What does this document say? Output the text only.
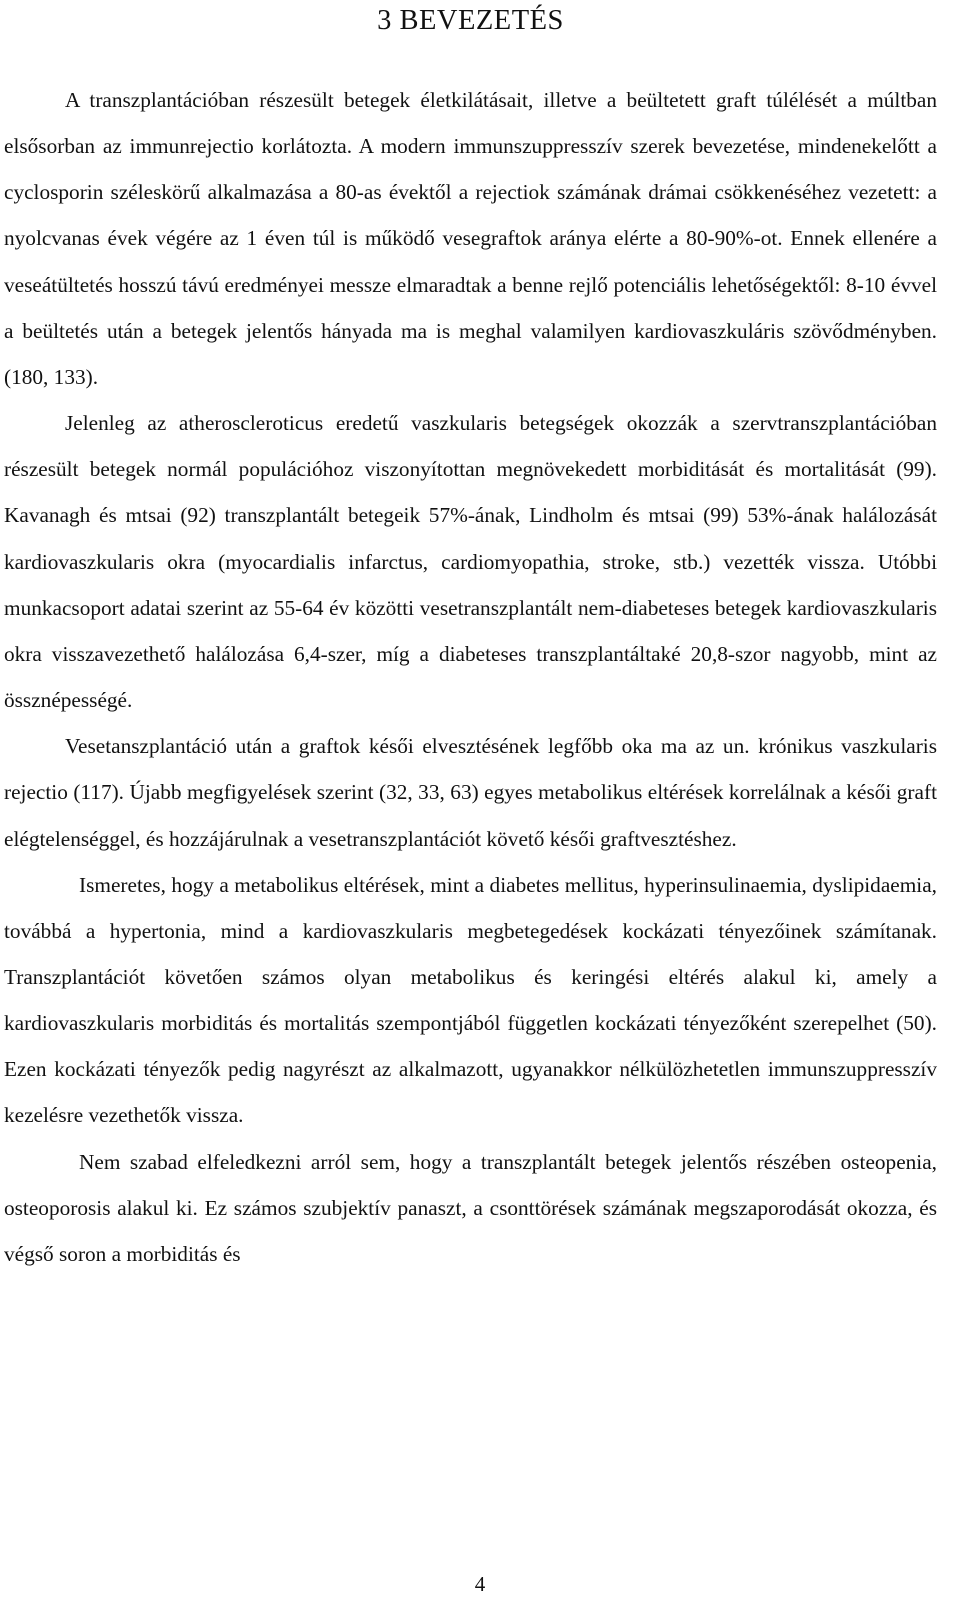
3 BEVEZETÉS

A transzplantációban részesült betegek életkilátásait, illetve a beültetett graft túlélését a múltban elsősorban az immunrejectio korlátozta. A modern immunszuppresszív szerek bevezetése, mindenekelőtt a cyclosporin széleskörű alkalmazása a 80-as évektől a rejectiok számának drámai csökkenéséhez vezetett: a nyolcvanas évek végére az 1 éven túl is működő vesegraftok aránya elérte a 80-90%-ot. Ennek ellenére a veseátültetés hosszú távú eredményei messze elmaradtak a benne rejlő potenciális lehetőségektől: 8-10 évvel a beültetés után a betegek jelentős hányada ma is meghal valamilyen kardiovaszkuláris szövődményben. (180, 133).

Jelenleg az atheroscleroticus eredetű vaszkularis betegségek okozzák a szervtranszplantációban részesült betegek normál populációhoz viszonyítottan megnövekedett morbiditását és mortalitását (99). Kavanagh és mtsai (92) transzplantált betegeik 57%-ának, Lindholm és mtsai (99) 53%-ának halálozását kardiovaszkularis okra (myocardialis infarctus, cardiomyopathia, stroke, stb.) vezették vissza. Utóbbi munkacsoport adatai szerint az 55-64 év közötti vesetranszplantált nem-diabeteses betegek kardiovaszkularis okra visszavezethető halálozása 6,4-szer, míg a diabeteses transzplantáltaké 20,8-szor nagyobb, mint az össznépességé.

Vesetanszplantáció után a graftok késői elvesztésének legfőbb oka ma az un. krónikus vaszkularis rejectio (117). Újabb megfigyelések szerint (32, 33, 63) egyes metabolikus eltérések korrelálnak a késői graft elégtelenséggel, és hozzájárulnak a vesetranszplantációt követő késői graftvesztéshez.

Ismeretes, hogy a metabolikus eltérések, mint a diabetes mellitus, hyperinsulinaemia, dyslipidaemia, továbbá a hypertonia, mind a kardiovaszkularis megbetegedések kockázati tényezőinek számítanak. Transzplantációt követően számos olyan metabolikus és keringési eltérés alakul ki, amely a kardiovaszkularis morbiditás és mortalitás szempontjából független kockázati tényezőként szerepelhet (50). Ezen kockázati tényezők pedig nagyrészt az alkalmazott, ugyanakkor nélkülözhetetlen immunszuppresszív kezelésre vezethetők vissza.

Nem szabad elfeledkezni arról sem, hogy a transzplantált betegek jelentős részében osteopenia, osteoporosis alakul ki. Ez számos szubjektív panaszt, a csonttörések számának megszaporodását okozza, és végső soron a morbiditás és

4
